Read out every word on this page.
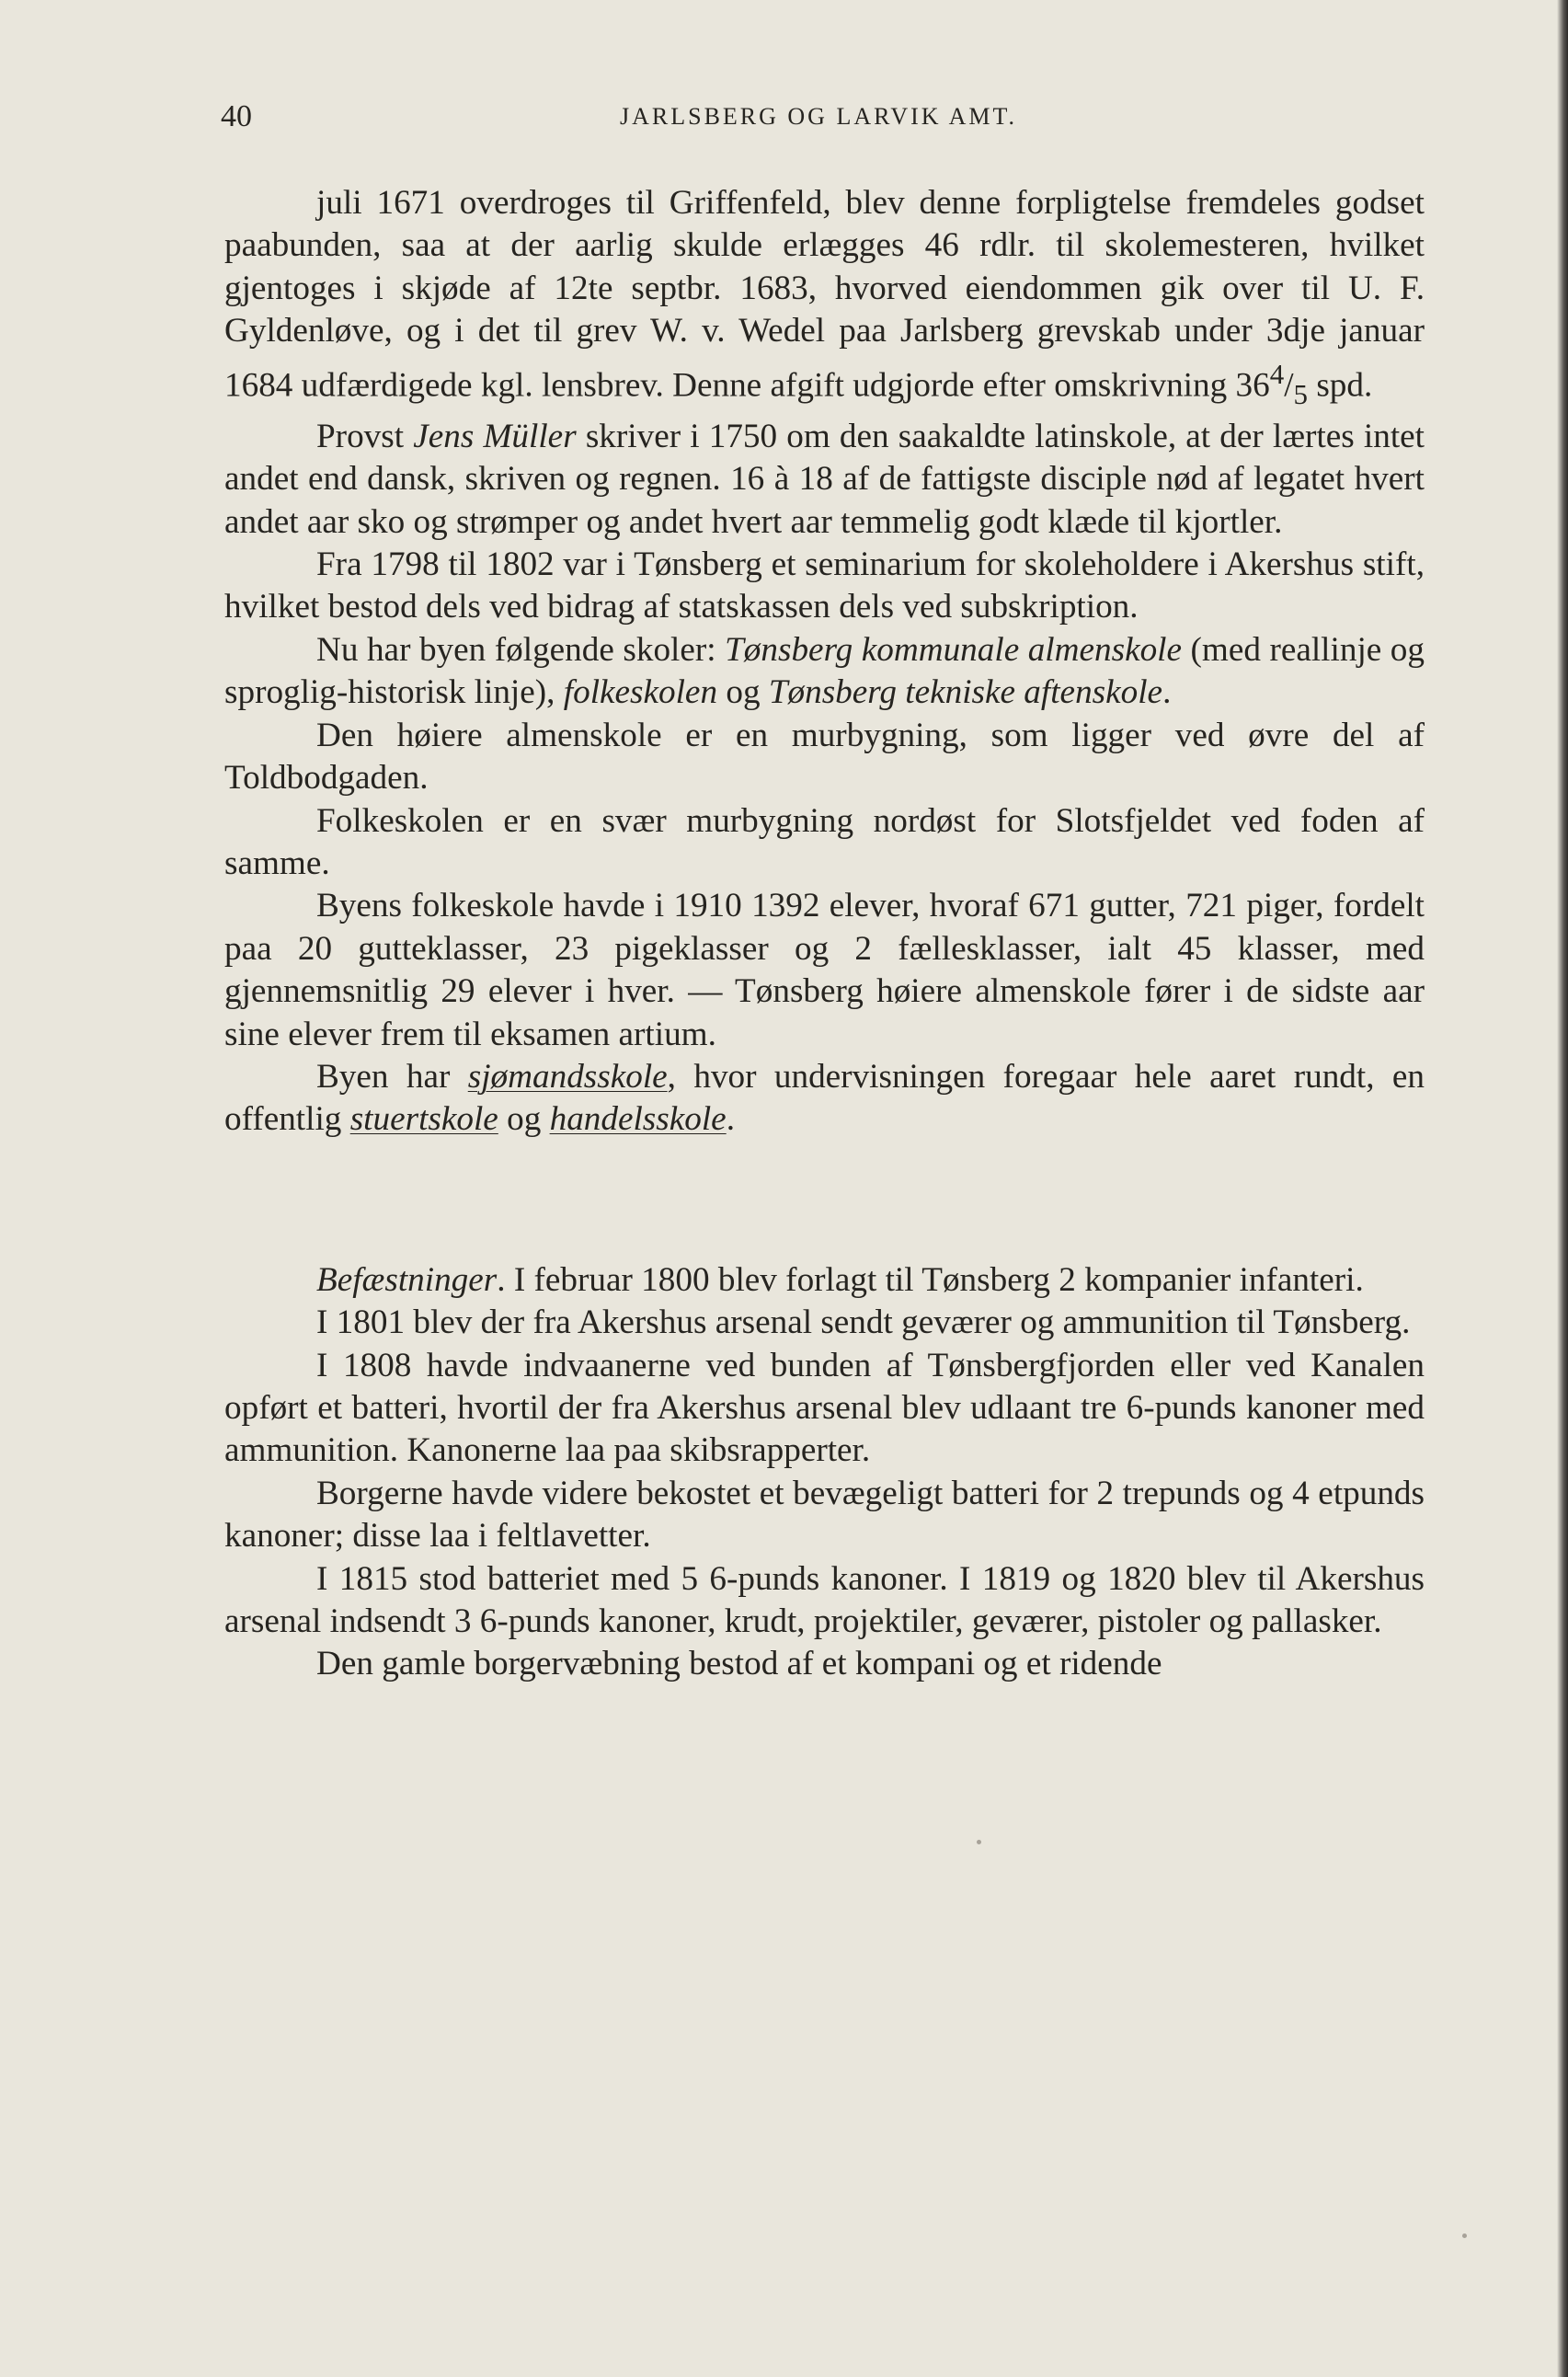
40	JARLSBERG OG LARVIK AMT.

juli 1671 overdroges til Griffenfeld, blev denne forpligtelse fremdeles godset paabunden, saa at der aarlig skulde erlægges 46 rdlr. til skolemesteren, hvilket gjentoges i skjøde af 12te septbr. 1683, hvorved eiendommen gik over til U. F. Gyldenløve, og i det til grev W. v. Wedel paa Jarlsberg grevskab under 3dje januar 1684 udfærdigede kgl. lensbrev. Denne afgift udgjorde efter omskrivning $36^4/_5$ spd.

Provst Jens Müller skriver i 1750 om den saakaldte latinskole, at der lærtes intet andet end dansk, skriven og regnen. 16 à 18 af de fattigste disciple nød af legatet hvert andet aar sko og strømper og andet hvert aar temmelig godt klæde til kjortler.

Fra 1798 til 1802 var i Tønsberg et seminarium for skoleholdere i Akershus stift, hvilket bestod dels ved bidrag af statskassen dels ved subskription.

Nu har byen følgende skoler: Tønsberg kommunale almenskole (med reallinje og sproglig-historisk linje), folkeskolen og Tønsberg tekniske aftenskole.

Den høiere almenskole er en murbygning, som ligger ved øvre del af Toldbodgaden.

Folkeskolen er en svær murbygning nordøst for Slotsfjeldet ved foden af samme.

Byens folkeskole havde i 1910 1392 elever, hvoraf 671 gutter, 721 piger, fordelt paa 20 gutteklasser, 23 pigeklasser og 2 fællesklasser, ialt 45 klasser, med gjennemsnitlig 29 elever i hver. — Tønsberg høiere almenskole fører i de sidste aar sine elever frem til eksamen artium.

Byen har sjømandsskole, hvor undervisningen foregaar hele aaret rundt, en offentlig stuertskole og handelsskole.

Befæstninger. I februar 1800 blev forlagt til Tønsberg 2 kompanier infanteri.

I 1801 blev der fra Akershus arsenal sendt geværer og ammunition til Tønsberg.

I 1808 havde indvaanerne ved bunden af Tønsbergfjorden eller ved Kanalen opført et batteri, hvortil der fra Akershus arsenal blev udlaant tre 6-punds kanoner med ammunition. Kanonerne laa paa skibsrapperter.

Borgerne havde videre bekostet et bevægeligt batteri for 2 trepunds og 4 etpunds kanoner; disse laa i feltlavetter.

I 1815 stod batteriet med 5 6-punds kanoner. I 1819 og 1820 blev til Akershus arsenal indsendt 3 6-punds kanoner, krudt, projektiler, geværer, pistoler og pallasker.

Den gamle borgervæbning bestod af et kompani og et ridende
